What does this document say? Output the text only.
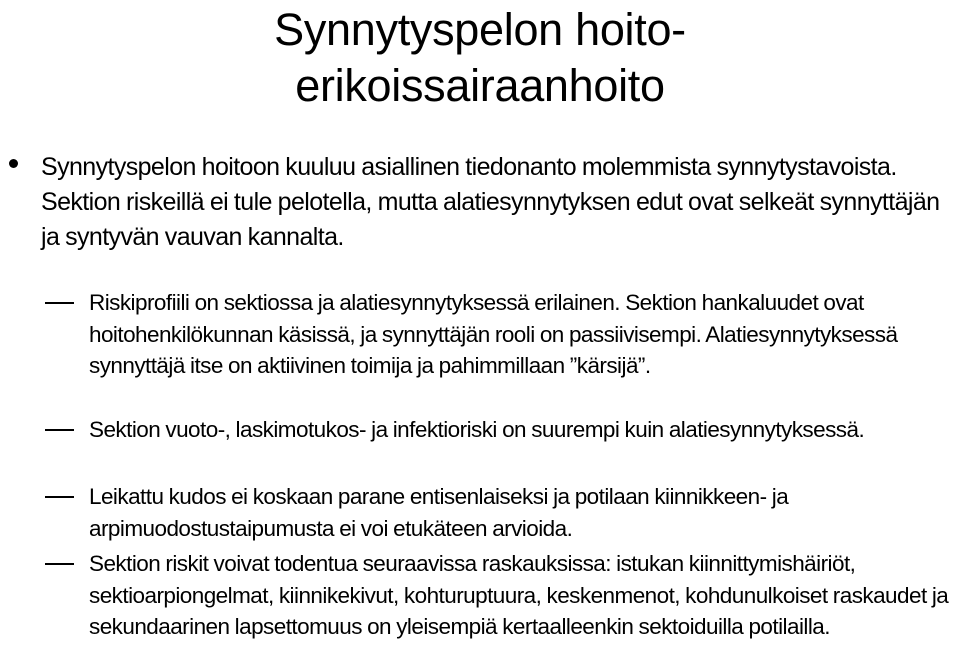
Synnytyspelon hoito-erikoissairaanhoito
Synnytyspelon hoitoon kuuluu asiallinen tiedonanto molemmista synnytystavoista. Sektion riskeillä ei tule pelotella, mutta alatiesynnytyksen edut ovat selkeät synnyttäjän ja syntyvän vauvan kannalta.
Riskiprofiili on sektiossa ja alatiesynnytyksessä erilainen. Sektion hankaluudet ovat hoitohenkilökunnan käsissä, ja synnyttäjän rooli on passiivisempi. Alatiesynnytyksessä synnyttäjä itse on aktiivinen toimija ja pahimmillaan ”kärsijä”.
Sektion vuoto-, laskimotukos- ja infektioriski on suurempi kuin alatiesynnytyksessä.
Leikattu kudos ei koskaan parane entisenlaiseksi ja potilaan kiinnikkeen- ja arpimuodostustaipumusta ei voi etukäteen arvioida.
Sektion riskit voivat todentua seuraavissa raskauksissa: istukan kiinnittymishäiriöt, sektioarpiongelmat, kiinnikekivut, kohturuptuura, keskenmenot, kohdunulkoiset raskaudet ja sekundaarinen lapsettomuus on yleisempiä kertaalleenkin sektoiduilla potilailla.
